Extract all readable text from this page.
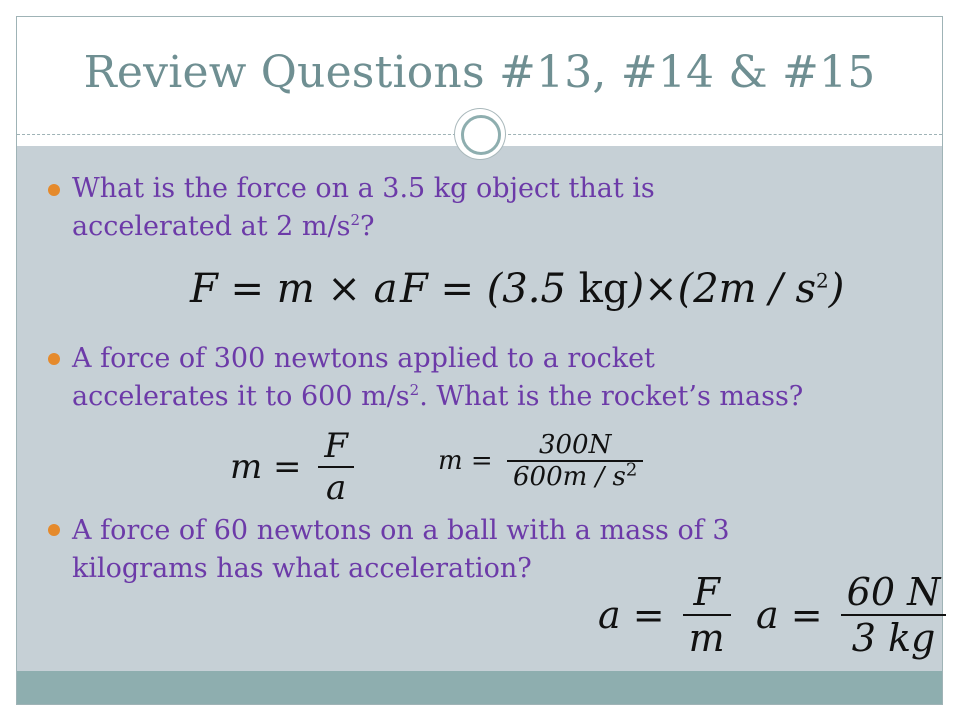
Review Questions #13, #14 & #15
What is the force on a 3.5 kg object that is
accelerated at 2 $m/s^2$?
F = m × a F = (3.5 $kg)\times(2m / s^2)$
A force of 300 newtons applied to a rocket
accelerates it to 600 $m/s^2$. What is the rocket’s mass?
$m = \frac{F}{a}$	$m = \frac{300N}{600m / s^2}$
A force of 60 newtons on a ball with a mass of 3
kilograms has what acceleration?
$a = \frac{F}{m}$ $a = \frac{60 N}{3 kg}$
